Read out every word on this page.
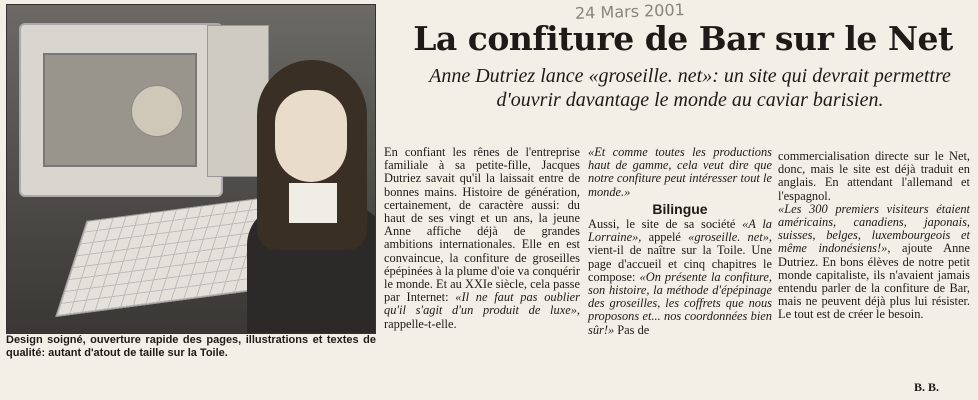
Design soigné, ouverture rapide des pages, illustrations et textes de qualité: autant d'atout de taille sur la Toile.
24 Mars 2001
La confiture de Bar sur le Net

Anne Dutriez lance «groseille. net»: un site qui devrait permettre d'ouvrir davantage le monde au caviar barisien.

En confiant les rênes de l'entreprise familiale à sa petite-fille, Jacques Dutriez savait qu'il la laissait entre de bonnes mains. Histoire de génération, certainement, de caractère aussi: du haut de ses vingt et un ans, la jeune Anne affiche déjà de grandes ambitions internationales. Elle en est convaincue, la confiture de groseilles épépinées à la plume d'oie va conquérir le monde. Et au XXIe siècle, cela passe par Internet: «Il ne faut pas oublier qu'il s'agit d'un produit de luxe», rappelle-t-elle.

«Et comme toutes les productions haut de gamme, cela veut dire que notre confiture peut intéresser tout le monde.»

Bilingue

Aussi, le site de sa société «A la Lorraine», appelé «groseille. net», vient-il de naître sur la Toile. Une page d'accueil et cinq chapitres le compose: «On présente la confiture, son histoire, la méthode d'épépinage des groseilles, les coffrets que nous proposons et... nos coordonnées bien sûr!» Pas de

commercialisation directe sur le Net, donc, mais le site est déjà traduit en anglais. En attendant l'allemand et l'espagnol.

«Les 300 premiers visiteurs étaient américains, canadiens, japonais, suisses, belges, luxembourgeois et même indonésiens!», ajoute Anne Dutriez. En bons élèves de notre petit monde capitaliste, ils n'avaient jamais entendu parler de la confiture de Bar, mais ne peuvent déjà plus lui résister. Le tout est de créer le besoin.

B. B.
